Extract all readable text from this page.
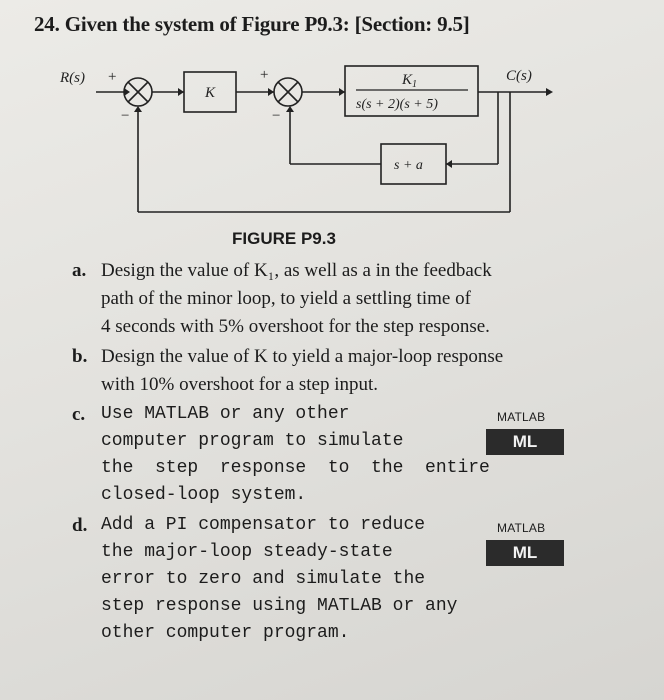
24. Given the system of Figure P9.3: [Section: 9.5]
R(s) +
−
+
−
K
$K_1$
s(s + 2)(s + 5)
C(s)
s + a
FIGURE P9.3
a. Design the value of K₁, as well as a in the feedback
path of the minor loop, to yield a settling time of
4 seconds with 5% overshoot for the step response.
b. Design the value of K to yield a major-loop response
with 10% overshoot for a step input.
c. Use MATLAB or any other
computer program to simulate
the  step  response  to  the  entire
closed-loop system.
d. Add a PI compensator to reduce
the major-loop steady-state
error to zero and simulate the
step response using MATLAB or any
other computer program.
MATLAB
ML
MATLAB
ML
